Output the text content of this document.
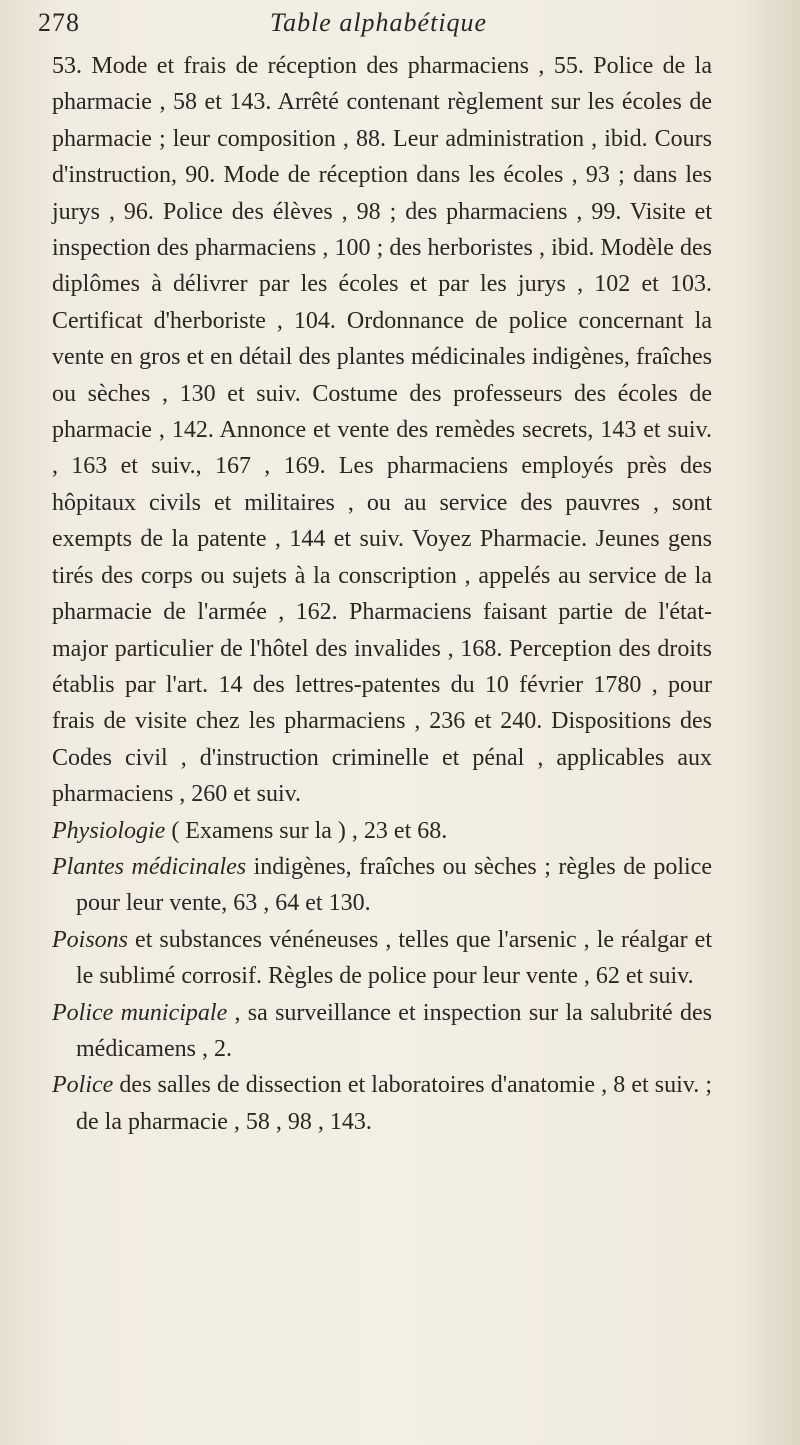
278	Table alphabétique

53. Mode et frais de réception des pharmaciens , 55. Police de la pharmacie , 58 et 143. Arrêté contenant règlement sur les écoles de pharmacie ; leur composition , 88. Leur administration , ibid. Cours d'instruction, 90. Mode de réception dans les écoles , 93 ; dans les jurys , 96. Police des élèves , 98 ; des pharmaciens , 99. Visite et inspection des pharmaciens , 100 ; des herboristes , ibid. Modèle des diplômes à délivrer par les écoles et par les jurys , 102 et 103. Certificat d'herboriste , 104. Ordonnance de police concernant la vente en gros et en détail des plantes médicinales indigènes, fraîches ou sèches , 130 et suiv. Costume des professeurs des écoles de pharmacie , 142. Annonce et vente des remèdes secrets, 143 et suiv. , 163 et suiv., 167 , 169. Les pharmaciens employés près des hôpitaux civils et militaires , ou au service des pauvres , sont exempts de la patente , 144 et suiv. Voyez Pharmacie. Jeunes gens tirés des corps ou sujets à la conscription , appelés au service de la pharmacie de l'armée , 162. Pharmaciens faisant partie de l'état-major particulier de l'hôtel des invalides , 168. Perception des droits établis par l'art. 14 des lettres-patentes du 10 février 1780 , pour frais de visite chez les pharmaciens , 236 et 240. Dispositions des Codes civil , d'instruction criminelle et pénal , applicables aux pharmaciens , 260 et suiv.

Physiologie ( Examens sur la ) , 23 et 68.

Plantes médicinales indigènes, fraîches ou sèches ; règles de police pour leur vente, 63 , 64 et 130.

Poisons et substances vénéneuses , telles que l'arsenic , le réalgar et le sublimé corrosif. Règles de police pour leur vente , 62 et suiv.

Police municipale , sa surveillance et inspection sur la salubrité des médicamens , 2.

Police des salles de dissection et laboratoires d'anatomie , 8 et suiv. ; de la pharmacie , 58 , 98 , 143.
